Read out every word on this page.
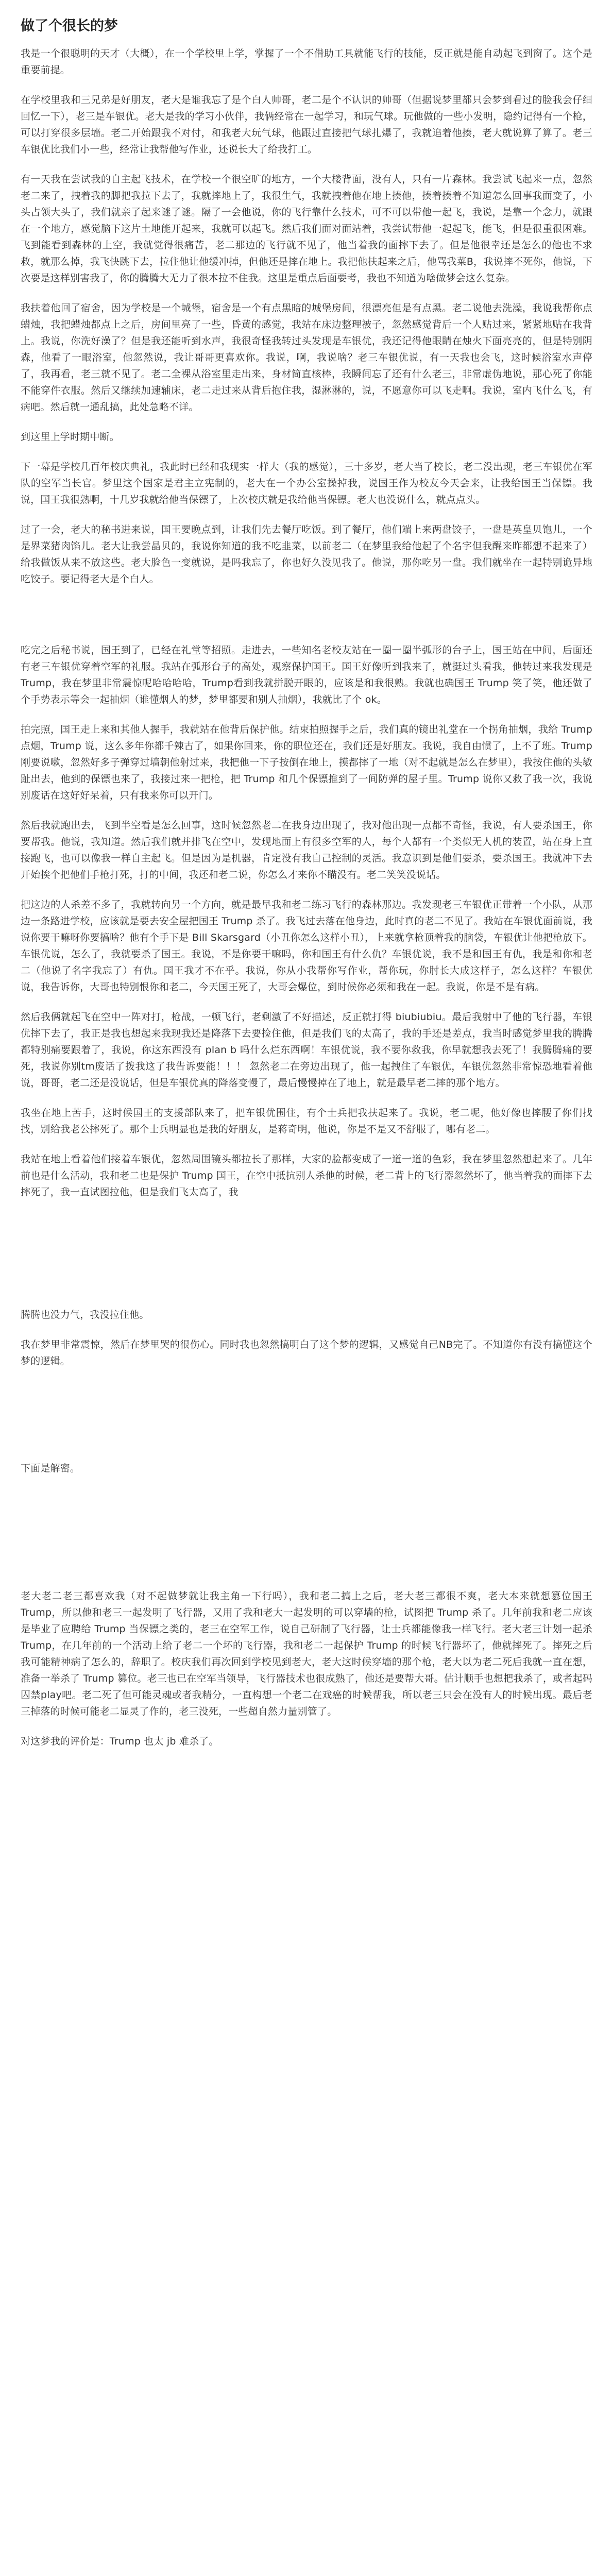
做了个很长的梦

我是一个很聪明的天才（大概），在一个学校里上学，掌握了一个不借助工具就能飞行的技能，反正就是能自动起飞到窗了。这个是重要前提。

在学校里我和三兄弟是好朋友，老大是谁我忘了是个白人帅哥，老二是个不认识的帅哥（但据说梦里都只会梦到看过的脸我会仔细回忆一下），老三是车银优。老大是我的学习小伙伴，我俩经常在一起学习，和玩气球。玩他做的一些小发明，隐约记得有一个枪，可以打穿很多层墙。老二开始跟我不对付，和我老大玩气球，他跟过直接把气球扎爆了，我就追着他揍，老大就说算了算了。老三车银优比我们小一些，经常让我帮他写作业，还说长大了给我打工。

有一天我在尝试我的自主起飞技术，在学校一个很空旷的地方，一个大楼背面，没有人，只有一片森林。我尝试飞起来一点，忽然老二来了，拽着我的脚把我拉下去了，我就摔地上了，我很生气，我就拽着他在地上揍他，揍着揍着不知道怎么回事我面变了，小头占领大头了，我们就亲了起来谜了谜。隔了一会他说，你的飞行靠什么技术，可不可以带他一起飞，我说，是靠一个念力，就跟在一个地方，感觉脑下这片土地能开起来，我就可以起飞。然后我们面对面站着，我尝试带他一起起飞，能飞，但是很重很困难。飞到能看到森林的上空，我就觉得很痛苦，老二那边的飞行就不见了，他当着我的面摔下去了。但是他很幸还是怎么的他也不求救，就那么掉，我飞快跳下去，拉住他让他缓冲掉，但他还是摔在地上。我把他扶起来之后，他骂我菜B，我说摔不死你，他说，下次要是这样别害我了，你的腾腾大无力了很本拉不住我。这里是重点后面要考，我也不知道为啥做梦会这么复杂。

我扶着他回了宿舍，因为学校是一个城堡，宿舍是一个有点黑暗的城堡房间，很漂亮但是有点黑。老二说他去洗澡，我说我帮你点蜡烛，我把蜡烛都点上之后，房间里亮了一些，昏黄的感觉，我站在床边整理被子，忽然感觉背后一个人贴过来，紧紧地贴在我背上。我说，你洗好澡了？但是我还能听到水声，我很奇怪我转过头发现是车银优，我还记得他眼睛在烛火下面亮亮的，但是特别阴森，他看了一眼浴室，他忽然说，我让哥哥更喜欢你。我说，啊，我说啥？老三车银优说，有一天我也会飞，这时候浴室水声停了，我再看，老三就不见了。老二全裸从浴室里走出来，身材简直核棒，我瞬间忘了还有什么老三，非常虚伪地说，那心死了你能不能穿件衣服。然后又继续加速辅床，老二走过来从背后抱住我，湿淋淋的，说，不愿意你可以飞走啊。我说，室内飞什么飞，有病吧。然后就一通乱搞，此处急略不详。

到这里上学时期中断。

下一幕是学校几百年校庆典礼，我此时已经和我现实一样大（我的感觉），三十多岁，老大当了校长，老二没出现，老三车银优在军队的空军当长官。梦里这个国家是君主立宪制的，老大在一个办公室操掉我，说国王作为校友今天会来，让我给国王当保镖。我说，国王我很熟啊，十几岁我就给他当保镖了，上次校庆就是我给他当保镖。老大也没说什么，就点点头。

过了一会，老大的秘书进来说，国王要晚点到，让我们先去餐厅吃饭。到了餐厅，他们端上来两盘饺子，一盘是英皇贝饱儿，一个是界菜猪肉馅儿。老大让我尝晶贝的，我说你知道的我不吃韭菜，以前老二（在梦里我给他起了个名字但我醒来昨都想不起来了）给我做饭从来不放这些。老大脸色一变就说，是吗我忘了，你也好久没见我了。他说，那你吃另一盘。我们就坐在一起特别诡异地吃饺子。要记得老大是个白人。

吃完之后秘书说，国王到了，已经在礼堂等招照。走进去，一些知名老校友站在一圈一圈半弧形的台子上，国王站在中间，后面还有老三车银优穿着空军的礼服。我站在弧形台子的高处，观察保护国王。国王好像听到我来了，就挺过头看我，他转过来我发现是 Trump，我在梦里非常震惊呢哈哈哈哈，Trump看到我就拼脱开眼的，应该是和我很熟。我就也确国王 Trump 笑了笑，他还做了个手势表示等会一起抽烟（谁懂烟人的梦，梦里都要和别人抽烟），我就比了个 ok。

拍完照，国王走上来和其他人握手，我就站在他背后保护他。结束拍照握手之后，我们真的镜出礼堂在一个拐角抽烟，我给 Trump 点烟，Trump 说，这么多年你都千辣古了，如果你回来，你的职位还在，我们还是好朋友。我说，我自由惯了，上不了班。Trump 刚要说嗽，忽然好多子弹穿过墙朝他射过来，我把他一下子按倒在地上，摸都摔了一地（对不起就是怎么在梦里），我按住他的头敏趾出去，他到的保镖也来了，我接过来一把枪，把 Trump 和几个保镖推到了一间防弹的屋子里。Trump 说你又救了我一次，我说别废话在这好好呆着，只有我来你可以开门。

然后我就跑出去，飞到半空看是怎么回事，这时候忽然老二在我身边出现了，我对他出现一点都不奇怪，我说，有人要杀国王，你要帮我。他说，我知道。然后我们就并排飞在空中，发现地面上有很多空军的人，每个人都有一个类似无人机的装置，站在身上直接跑飞，也可以像我一样自主起飞。但是因为是机器，肯定没有我自己控制的灵活。我意识到是他们要杀，要杀国王。我就冲下去开始挨个把他们手枪打死，打的中间，我还和老二说，你怎么才来你不瞄没有。老二笑笑没说话。

把这边的人杀差不多了，我就转向另一个方向，就是最早我和老二练习飞行的森林那边。我发现老三车银优正带着一个小队，从那边一条路进学校，应该就是要去安全屋把国王 Trump 杀了。我飞过去落在他身边，此时真的老二不见了。我站在车银优面前说，我说你要干嘛呀你要搞啥？他有个手下是 Bill Skarsgard（小丑你怎么这样小丑），上来就拿枪顶着我的脑袋，车银优让他把枪放下。车银优说，怎么了，我就要杀了国王。我说，不是你要干嘛吗，你和国王有什么仇？车银优说，我不是和国王有仇，我是和你和老二（他说了名字我忘了）有仇。国王我才不在乎。我说，你从小我帮你写作业，帮你玩，你肘长大成这样子，怎么这样？车银优说，我告诉你，大哥也特别恨你和老二，今天国王死了，大哥会爆位，到时候你必须和我在一起。我说，你是不是有病。

然后我俩就起飞在空中一阵对打，枪战，一顿飞行，老剩激了不好描述，反正就打得 biubiubiu。最后我射中了他的飞行器，车银优摔下去了，我正是我也想起来我现我还是降落下去要捡住他，但是我们飞的太高了，我的手还是差点，我当时感觉梦里我的腾腾都特别痛要跟着了，我说，你这东西没有 plan b 吗什么烂东西啊！车银优说，我不要你救我，你早就想我去死了！我腾腾痛的要死，我说你别tm废话了拨我这了我告诉要能！！！ 忽然老二在旁边出现了，他一起拽住了车银优，车银优忽然非常惊恐地看着他说，哥哥，老二还是没说话，但是车银优真的降落变慢了，最后慢慢掉在了地上，就是最早老二摔的那个地方。

我坐在地上苦手，这时候国王的支援部队来了，把车银优围住，有个士兵把我扶起来了。我说，老二呢，他好像也摔腰了你们找找，别给我老公摔死了。那个士兵明显也是我的好朋友，是蒋奇明，他说，你是不是又不舒服了，哪有老二。

我站在地上看着他们接着车银优，忽然周围镜头都拉长了那样，大家的脸都变成了一道一道的色彩，我在梦里忽然想起来了。几年前也是什么活动，我和老二也是保护 Trump 国王，在空中抵抗别人杀他的时候，老二背上的飞行器忽然坏了，他当着我的面摔下去摔死了，我一直试图拉他，但是我们飞太高了，我

腾腾也没力气，我没拉住他。

我在梦里非常震惊，然后在梦里哭的很伤心。同时我也忽然搞明白了这个梦的逻辑，又感觉自己NB完了。不知道你有没有搞懂这个梦的逻辑。

下面是解密。

老大老二老三都喜欢我（对不起做梦就让我主角一下行吗），我和老二搞上之后，老大老三都很不爽，老大本来就想篡位国王 Trump，所以他和老三一起发明了飞行器，又用了我和老大一起发明的可以穿墙的枪，试图把 Trump 杀了。几年前我和老二应该是毕业了应聘给 Trump 当保镖之类的，老三在空军工作，说自己研制了飞行器，让士兵都能像我一样飞行。老大老三计划一起杀 Trump，在几年前的一个活动上给了老二一个坏的飞行器，我和老二一起保护 Trump 的时候飞行器坏了，他就摔死了。摔死之后我可能精神病了怎么的，辞职了。校庆我们再次回到学校见到老大，老大这时候穿墙的那个枪，老大以为老二死后我就一直在想，准备一举杀了 Trump 篡位。老三也已在空军当领导，飞行器技术也很成熟了，他还是要帮大哥。估计顺手也想把我杀了，或者起码囚禁play吧。老二死了但可能灵魂或者我精分，一直构想一个老二在戏癌的时候帮我，所以老三只会在没有人的时候出现。最后老三掉落的时候可能老二显灵了作的，老三没死，一些超自然力量别管了。

对这梦我的评价是：Trump 也太 jb 难杀了。
